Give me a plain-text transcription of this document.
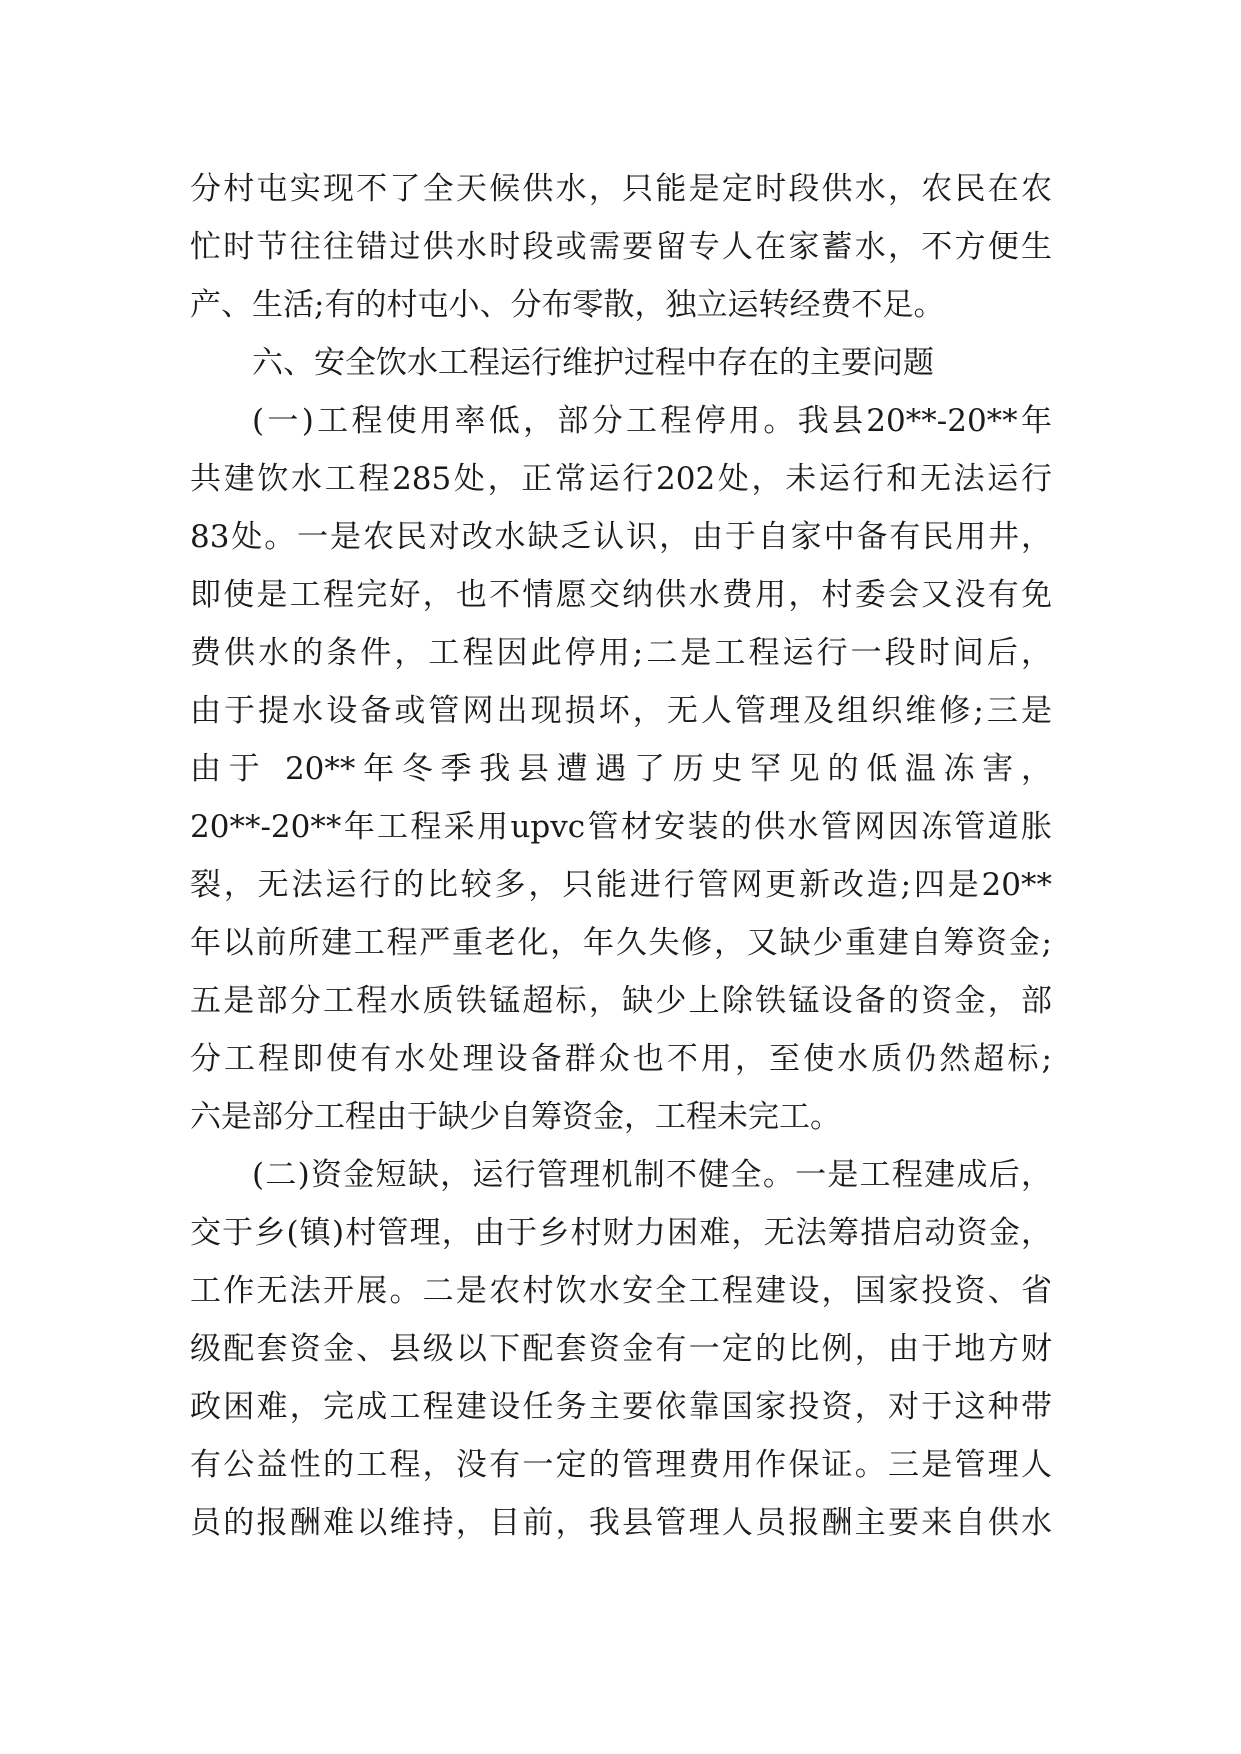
分村屯实现不了全天候供水，只能是定时段供水，农民在农
忙时节往往错过供水时段或需要留专人在家蓄水，不方便生
产、生活;有的村屯小、分布零散，独立运转经费不足。
六、安全饮水工程运行维护过程中存在的主要问题
(一)工程使用率低，部分工程停用。我县20**-20**年
共建饮水工程285处，正常运行202处，未运行和无法运行
83处。一是农民对改水缺乏认识，由于自家中备有民用井，
即使是工程完好，也不情愿交纳供水费用，村委会又没有免
费供水的条件，工程因此停用;二是工程运行一段时间后，
由于提水设备或管网出现损坏，无人管理及组织维修;三是
由于 20**年冬季我县遭遇了历史罕见的低温冻害，
20**-20**年工程采用upvc管材安装的供水管网因冻管道胀
裂，无法运行的比较多，只能进行管网更新改造;四是20**
年以前所建工程严重老化，年久失修，又缺少重建自筹资金;
五是部分工程水质铁锰超标，缺少上除铁锰设备的资金，部
分工程即使有水处理设备群众也不用，至使水质仍然超标;
六是部分工程由于缺少自筹资金，工程未完工。
(二)资金短缺，运行管理机制不健全。一是工程建成后，
交于乡(镇)村管理，由于乡村财力困难，无法筹措启动资金，
工作无法开展。二是农村饮水安全工程建设，国家投资、省
级配套资金、县级以下配套资金有一定的比例，由于地方财
政困难，完成工程建设任务主要依靠国家投资，对于这种带
有公益性的工程，没有一定的管理费用作保证。三是管理人
员的报酬难以维持，目前，我县管理人员报酬主要来自供水
